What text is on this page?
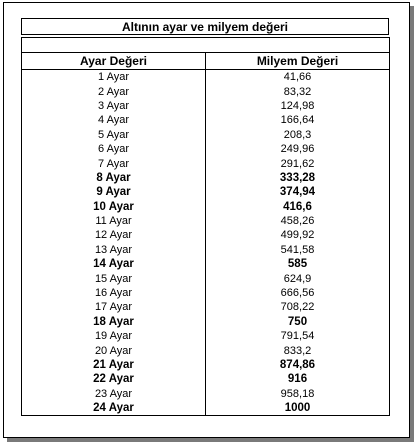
Altının ayar ve milyem değeri

Ayar Değeri	Milyem Değeri
1 Ayar	41,66
2 Ayar	83,32
3 Ayar	124,98
4 Ayar	166,64
5 Ayar	208,3
6 Ayar	249,96
7 Ayar	291,62
8 Ayar	333,28
9 Ayar	374,94
10 Ayar	416,6
11 Ayar	458,26
12 Ayar	499,92
13 Ayar	541,58
14 Ayar	585
15 Ayar	624,9
16 Ayar	666,56
17 Ayar	708,22
18 Ayar	750
19 Ayar	791,54
20 Ayar	833,2
21 Ayar	874,86
22 Ayar	916
23 Ayar	958,18
24 Ayar	1000
